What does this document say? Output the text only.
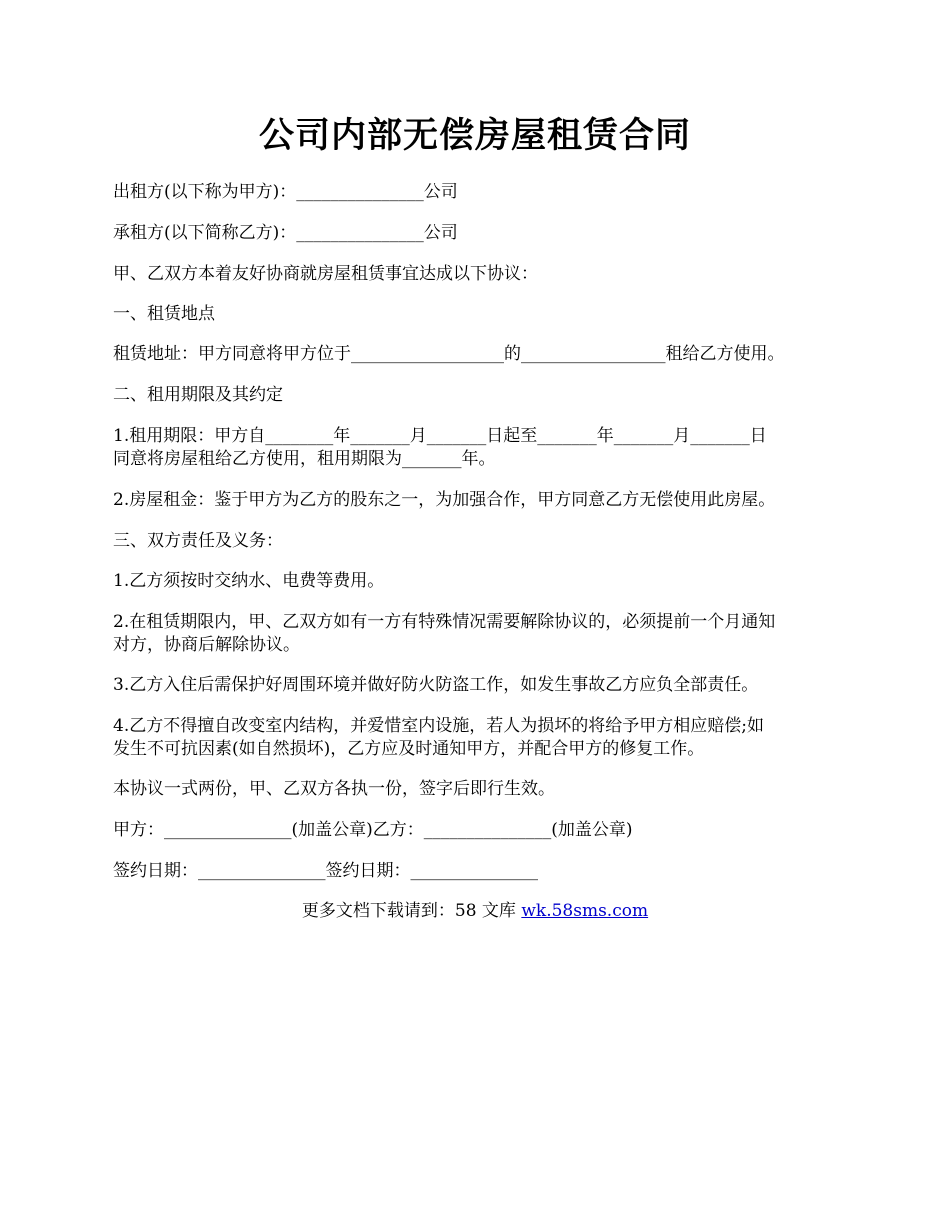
公司内部无偿房屋租赁合同
出租方(以下称为甲方)：_______________公司
承租方(以下简称乙方)：_______________公司
甲、乙双方本着友好协商就房屋租赁事宜达成以下协议：
一、租赁地点
租赁地址：甲方同意将甲方位于__________________的_________________租给乙方使用。
二、租用期限及其约定
1.租用期限：甲方自________年_______月_______日起至_______年_______月_______日
同意将房屋租给乙方使用，租用期限为_______年。
2.房屋租金：鉴于甲方为乙方的股东之一，为加强合作，甲方同意乙方无偿使用此房屋。
三、双方责任及义务：
1.乙方须按时交纳水、电费等费用。
2.在租赁期限内，甲、乙双方如有一方有特殊情况需要解除协议的，必须提前一个月通知
对方，协商后解除协议。
3.乙方入住后需保护好周围环境并做好防火防盗工作，如发生事故乙方应负全部责任。
4.乙方不得擅自改变室内结构，并爱惜室内设施，若人为损坏的将给予甲方相应赔偿;如
发生不可抗因素(如自然损坏)，乙方应及时通知甲方，并配合甲方的修复工作。
本协议一式两份，甲、乙双方各执一份，签字后即行生效。
甲方：_______________(加盖公章)乙方：_______________(加盖公章)
签约日期：_______________签约日期：_______________
更多文档下载请到：58 文库 wk.58sms.com
